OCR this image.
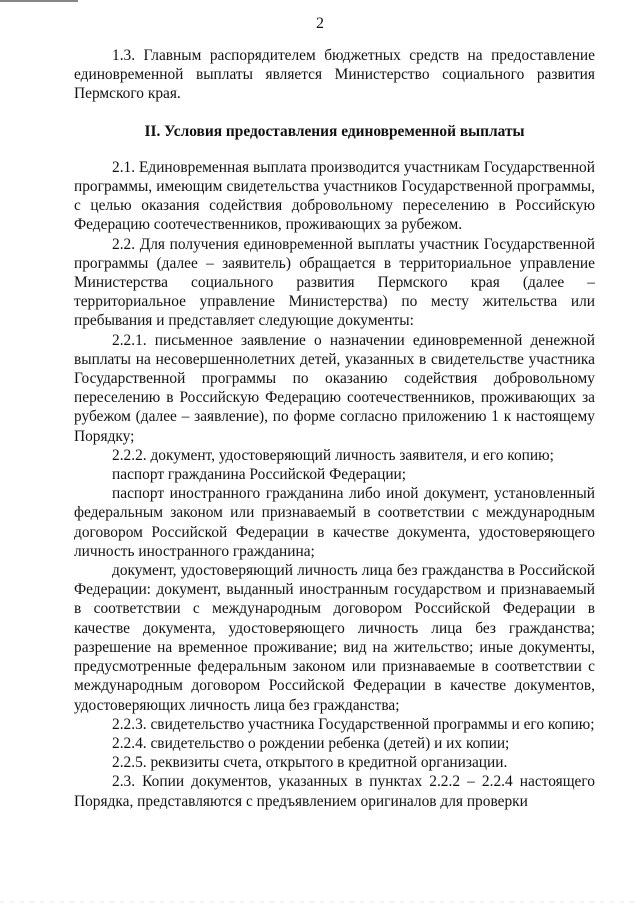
2

1.3. Главным распорядителем бюджетных средств на предоставление единовременной выплаты является Министерство социального развития Пермского края.

II. Условия предоставления единовременной выплаты

2.1. Единовременная выплата производится участникам Государственной программы, имеющим свидетельства участников Государственной программы, с целью оказания содействия добровольному переселению в Российскую Федерацию соотечественников, проживающих за рубежом.

2.2. Для получения единовременной выплаты участник Государственной программы (далее – заявитель) обращается в территориальное управление Министерства социального развития Пермского края (далее – территориальное управление Министерства) по месту жительства или пребывания и представляет следующие документы:

2.2.1. письменное заявление о назначении единовременной денежной выплаты на несовершеннолетних детей, указанных в свидетельстве участника Государственной программы по оказанию содействия добровольному переселению в Российскую Федерацию соотечественников, проживающих за рубежом (далее – заявление), по форме согласно приложению 1 к настоящему Порядку;

2.2.2. документ, удостоверяющий личность заявителя, и его копию;

паспорт гражданина Российской Федерации;

паспорт иностранного гражданина либо иной документ, установленный федеральным законом или признаваемый в соответствии с международным договором Российской Федерации в качестве документа, удостоверяющего личность иностранного гражданина;

документ, удостоверяющий личность лица без гражданства в Российской Федерации: документ, выданный иностранным государством и признаваемый в соответствии с международным договором Российской Федерации в качестве документа, удостоверяющего личность лица без гражданства; разрешение на временное проживание; вид на жительство; иные документы, предусмотренные федеральным законом или признаваемые в соответствии с международным договором Российской Федерации в качестве документов, удостоверяющих личность лица без гражданства;

2.2.3. свидетельство участника Государственной программы и его копию;

2.2.4. свидетельство о рождении ребенка (детей) и их копии;

2.2.5. реквизиты счета, открытого в кредитной организации.

2.3. Копии документов, указанных в пунктах 2.2.2 – 2.2.4 настоящего Порядка, представляются с предъявлением оригиналов для проверки
